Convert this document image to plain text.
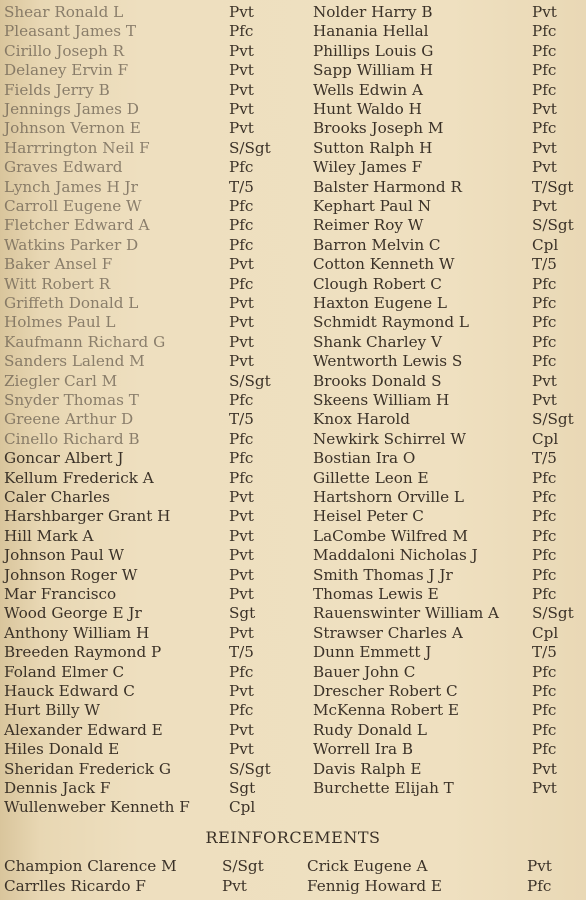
Shear Ronald L	Pvt	Nolder Harry B	Pvt
Pleasant James T	Pfc	Hanania Hellal	Pfc
Cirillo Joseph R	Pvt	Phillips Louis G	Pfc
Delaney Ervin F	Pvt	Sapp William H	Pfc
Fields Jerry B	Pvt	Wells Edwin A	Pfc
Jennings James D	Pvt	Hunt Waldo H	Pvt
Johnson Vernon E	Pvt	Brooks Joseph M	Pfc
Harrrington Neil F	S/Sgt	Sutton Ralph H	Pvt
Graves Edward	Pfc	Wiley James F	Pvt
Lynch James H Jr	T/5	Balster Harmond R	T/Sgt
Carroll Eugene W	Pfc	Kephart Paul N	Pvt
Fletcher Edward A	Pfc	Reimer Roy W	S/Sgt
Watkins Parker D	Pfc	Barron Melvin C	Cpl
Baker Ansel F	Pvt	Cotton Kenneth W	T/5
Witt Robert R	Pfc	Clough Robert C	Pfc
Griffeth Donald L	Pvt	Haxton Eugene L	Pfc
Holmes Paul L	Pvt	Schmidt Raymond L	Pfc
Kaufmann Richard G	Pvt	Shank Charley V	Pfc
Sanders Lalend M	Pvt	Wentworth Lewis S	Pfc
Ziegler Carl M	S/Sgt	Brooks Donald S	Pvt
Snyder Thomas T	Pfc	Skeens William H	Pvt
Greene Arthur D	T/5	Knox Harold	S/Sgt
Cinello Richard B	Pfc	Newkirk Schirrel W	Cpl
Goncar Albert J	Pfc	Bostian Ira O	T/5
Kellum Frederick A	Pfc	Gillette Leon E	Pfc
Caler Charles	Pvt	Hartshorn Orville L	Pfc
Harshbarger Grant H	Pvt	Heisel Peter C	Pfc
Hill Mark A	Pvt	LaCombe Wilfred M	Pfc
Johnson Paul W	Pvt	Maddaloni Nicholas J	Pfc
Johnson Roger W	Pvt	Smith Thomas J Jr	Pfc
Mar Francisco	Pvt	Thomas Lewis E	Pfc
Wood George E Jr	Sgt	Rauenswinter William A S/Sgt
Anthony William H	Pvt	Strawser Charles A	Cpl
Breeden Raymond P	T/5	Dunn Emmett J	T/5
Foland Elmer C	Pfc	Bauer John C	Pfc
Hauck Edward C	Pvt	Drescher Robert C	Pfc
Hurt Billy W	Pfc	McKenna Robert E	Pfc
Alexander Edward E	Pvt	Rudy Donald L	Pfc
Hiles Donald E	Pvt	Worrell Ira B	Pfc
Sheridan Frederick G	S/Sgt	Davis Ralph E	Pvt
Dennis Jack F	Sgt	Burchette Elijah T	Pvt
Wullenweber Kenneth F	Cpl
REINFORCEMENTS
Champion Clarence M	S/Sgt	Crick Eugene A	Pvt
Carrlles Ricardo F	Pvt	Fennig Howard E	Pfc
